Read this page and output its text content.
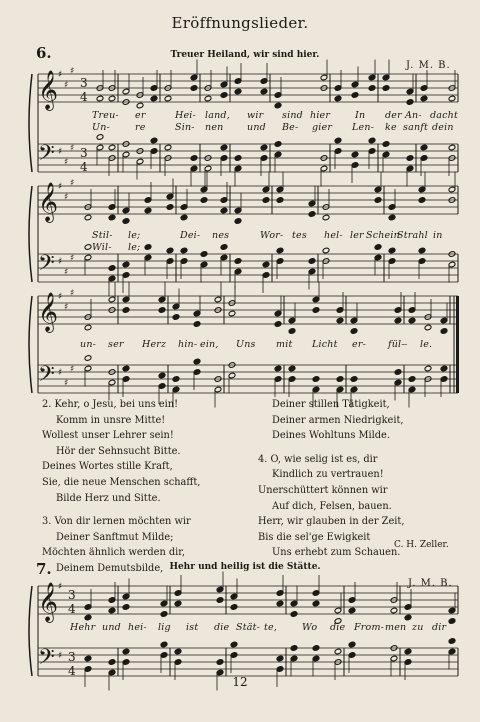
Eröffnungslieder.
6.	Treuer Heiland, wir sind hier.
J. M. B.
𝄞
𝄢
♯
♯
♯
♯
♯
♯
3
4
3
4
𝄞
𝄢
♯
♯
♯
♯
♯
♯
𝄞
𝄢
♯
♯
♯
♯
♯
♯
𝄞
𝄢
♯
♯
3
4
3
4
Treu- er	Hei- land, wir sind hier	In der An- dacht
Un-	re	Sin- nen und Be- gier Len- ke sanft dein
Stil- le;	Dei- nes	Wor- tes hel- ler Schein
Strahl in
Wil- le;
un- ser Herz hin- ein, Uns mit Licht er- fül- - le.
2. Kehr, o Jesu, bei uns ein!
Komm in unsre Mitte!
Wollest unser Lehrer sein!
Hör der Sehnsucht Bitte.
Deines Wortes stille Kraft,
Sie, die neue Menschen schafft,
Bilde Herz und Sitte.
3. Von dir lernen möchten wir
Deiner Sanftmut Milde;
Möchten ähnlich werden dir,
Deinem Demutsbilde,
Deiner stillen Tätigkeit,
Deiner armen Niedrigkeit,
Deines Wohltuns Milde.
4. O, wie selig ist es, dir
Kindlich zu vertrauen!
Unerschüttert können wir
Auf dich, Felsen, bauen.
Herr, wir glauben in der Zeit,
Bis die sel'ge Ewigkeit
Uns erhebt zum Schauen.
C. H. Zeller.
7.	Hehr und heilig ist die Stätte.
J. M. B.
Hehr und hei- lig ist die Stät- te,	Wo die From- men zu dir
12
